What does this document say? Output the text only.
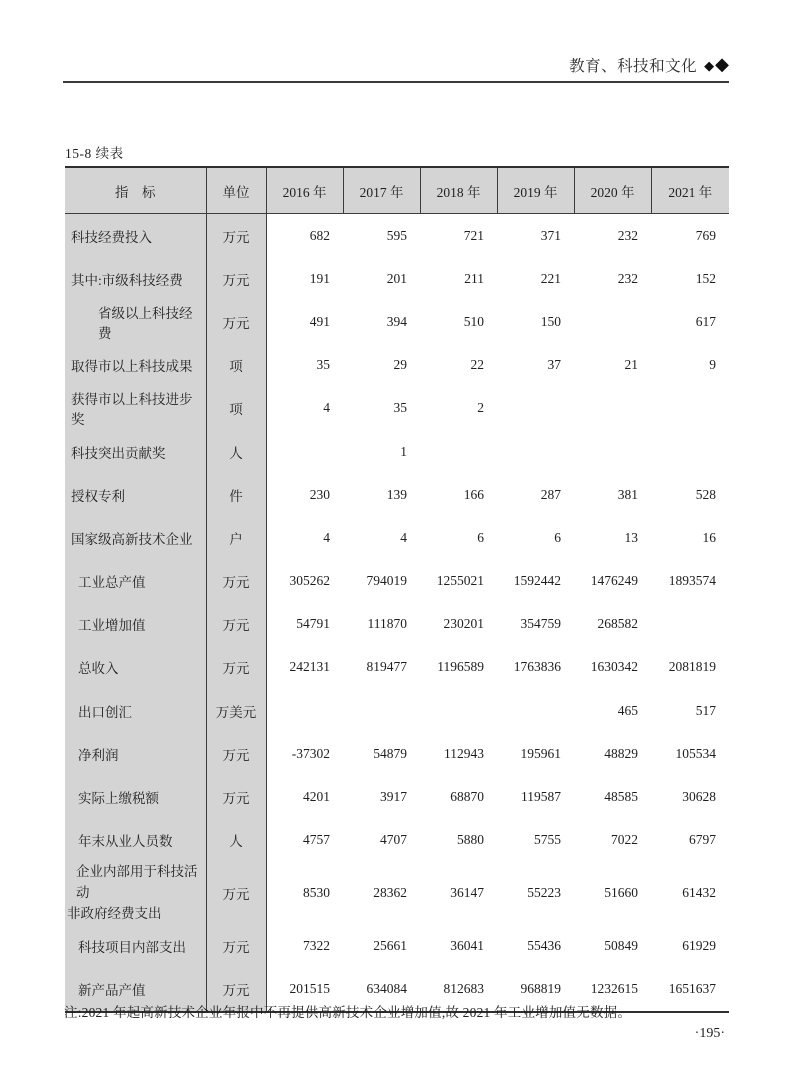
教育、科技和文化 ◆◆
15-8 续表
指　标	单位	2016 年	2017 年	2018 年	2019 年	2020 年	2021 年
科技经费投入	万元	682	595	721	371	232	769
其中:市级科技经费	万元	191	201	211	221	232	152
省级以上科技经费	万元	491	394	510	150		617
取得市以上科技成果	项	35	29	22	37	21	9
获得市以上科技进步奖	项	4	35	2			
科技突出贡献奖	人		1				
授权专利	件	230	139	166	287	381	528
国家级高新技术企业	户	4	4	6	6	13	16
工业总产值	万元	305262	794019	1255021	1592442	1476249	1893574
工业增加值	万元	54791	111870	230201	354759	268582	
总收入	万元	242131	819477	1196589	1763836	1630342	2081819
出口创汇	万美元					465	517
净利润	万元	-37302	54879	112943	195961	48829	105534
实际上缴税额	万元	4201	3917	68870	119587	48585	30628
年末从业人员数	人	4757	4707	5880	5755	7022	6797

企业内部用于科技活动
非政府经费支出	万元	8530	28362	36147	55223	51660	61432
科技项目内部支出	万元	7322	25661	36041	55436	50849	61929
新产品产值	万元	201515	634084	812683	968819	1232615	1651637
注:2021 年起高新技术企业年报中不再提供高新技术企业增加值,故 2021 年工业增加值无数据。
·195·
